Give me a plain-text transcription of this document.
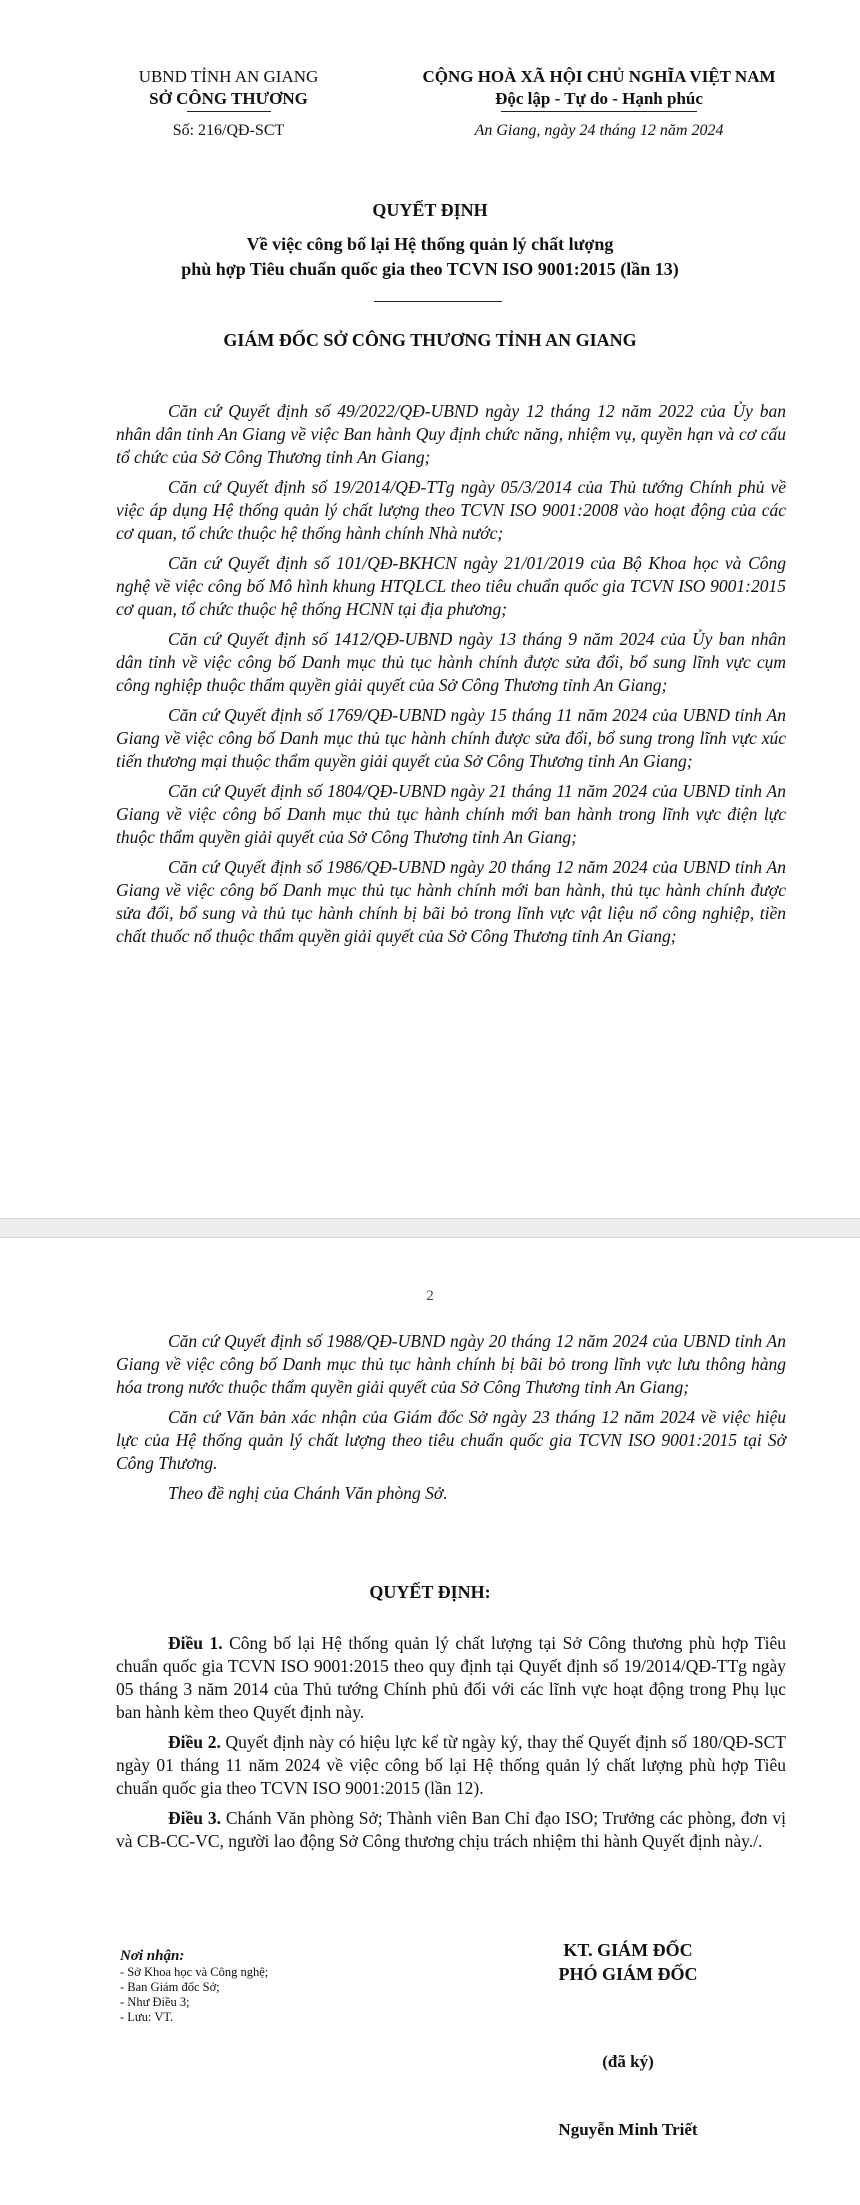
UBND TỈNH AN GIANG
SỞ CÔNG THƯƠNG
Số: 216/QĐ-SCT
CỘNG HOÀ XÃ HỘI CHỦ NGHĨA VIỆT NAM
Độc lập - Tự do - Hạnh phúc
An Giang, ngày 24 tháng 12 năm 2024
QUYẾT ĐỊNH
Về việc công bố lại Hệ thống quản lý chất lượng
phù hợp Tiêu chuẩn quốc gia theo TCVN ISO 9001:2015 (lần 13)
GIÁM ĐỐC SỞ CÔNG THƯƠNG TỈNH AN GIANG

Căn cứ Quyết định số 49/2022/QĐ-UBND ngày 12 tháng 12 năm 2022 của Ủy ban nhân dân tỉnh An Giang về việc Ban hành Quy định chức năng, nhiệm vụ, quyền hạn và cơ cấu tổ chức của Sở Công Thương tỉnh An Giang;

Căn cứ Quyết định số 19/2014/QĐ-TTg ngày 05/3/2014 của Thủ tướng Chính phủ về việc áp dụng Hệ thống quản lý chất lượng theo TCVN ISO 9001:2008 vào hoạt động của các cơ quan, tổ chức thuộc hệ thống hành chính Nhà nước;

Căn cứ Quyết định số 101/QĐ-BKHCN ngày 21/01/2019 của Bộ Khoa học và Công nghệ về việc công bố Mô hình khung HTQLCL theo tiêu chuẩn quốc gia TCVN ISO 9001:2015 cơ quan, tổ chức thuộc hệ thống HCNN tại địa phương;

Căn cứ Quyết định số 1412/QĐ-UBND ngày 13 tháng 9 năm 2024 của Ủy ban nhân dân tỉnh về việc công bố Danh mục thủ tục hành chính được sửa đổi, bổ sung lĩnh vực cụm công nghiệp thuộc thẩm quyền giải quyết của Sở Công Thương tỉnh An Giang;

Căn cứ Quyết định số 1769/QĐ-UBND ngày 15 tháng 11 năm 2024 của UBND tỉnh An Giang về việc công bố Danh mục thủ tục hành chính được sửa đổi, bổ sung trong lĩnh vực xúc tiến thương mại thuộc thẩm quyền giải quyết của Sở Công Thương tỉnh An Giang;

Căn cứ Quyết định số 1804/QĐ-UBND ngày 21 tháng 11 năm 2024 của UBND tỉnh An Giang về việc công bố Danh mục thủ tục hành chính mới ban hành trong lĩnh vực điện lực thuộc thẩm quyền giải quyết của Sở Công Thương tỉnh An Giang;

Căn cứ Quyết định số 1986/QĐ-UBND ngày 20 tháng 12 năm 2024 của UBND tỉnh An Giang về việc công bố Danh mục thủ tục hành chính mới ban hành, thủ tục hành chính được sửa đổi, bổ sung và thủ tục hành chính bị bãi bỏ trong lĩnh vực vật liệu nổ công nghiệp, tiền chất thuốc nổ thuộc thẩm quyền giải quyết của Sở Công Thương tỉnh An Giang;

2

Căn cứ Quyết định số 1988/QĐ-UBND ngày 20 tháng 12 năm 2024 của UBND tỉnh An Giang về việc công bố Danh mục thủ tục hành chính bị bãi bỏ trong lĩnh vực lưu thông hàng hóa trong nước thuộc thẩm quyền giải quyết của Sở Công Thương tỉnh An Giang;

Căn cứ Văn bản xác nhận của Giám đốc Sở ngày 23 tháng 12 năm 2024 về việc hiệu lực của Hệ thống quản lý chất lượng theo tiêu chuẩn quốc gia TCVN ISO 9001:2015 tại Sở Công Thương.

Theo đề nghị của Chánh Văn phòng Sở.

QUYẾT ĐỊNH:

Điều 1. Công bố lại Hệ thống quản lý chất lượng tại Sở Công thương phù hợp Tiêu chuẩn quốc gia TCVN ISO 9001:2015 theo quy định tại Quyết định số 19/2014/QĐ-TTg ngày 05 tháng 3 năm 2014 của Thủ tướng Chính phủ đối với các lĩnh vực hoạt động trong Phụ lục ban hành kèm theo Quyết định này.

Điều 2. Quyết định này có hiệu lực kể từ ngày ký, thay thế Quyết định số 180/QĐ-SCT ngày 01 tháng 11 năm 2024 về việc công bố lại Hệ thống quản lý chất lượng phù hợp Tiêu chuẩn quốc gia theo TCVN ISO 9001:2015 (lần 12).

Điều 3. Chánh Văn phòng Sở; Thành viên Ban Chỉ đạo ISO; Trưởng các phòng, đơn vị và CB-CC-VC, người lao động Sở Công thương chịu trách nhiệm thi hành Quyết định này./.

Nơi nhận:
- Sở Khoa học và Công nghệ;
- Ban Giám đốc Sở;
- Như Điều 3;
- Lưu: VT.
KT. GIÁM ĐỐC
PHÓ GIÁM ĐỐC
(đã ký)
Nguyễn Minh Triết
